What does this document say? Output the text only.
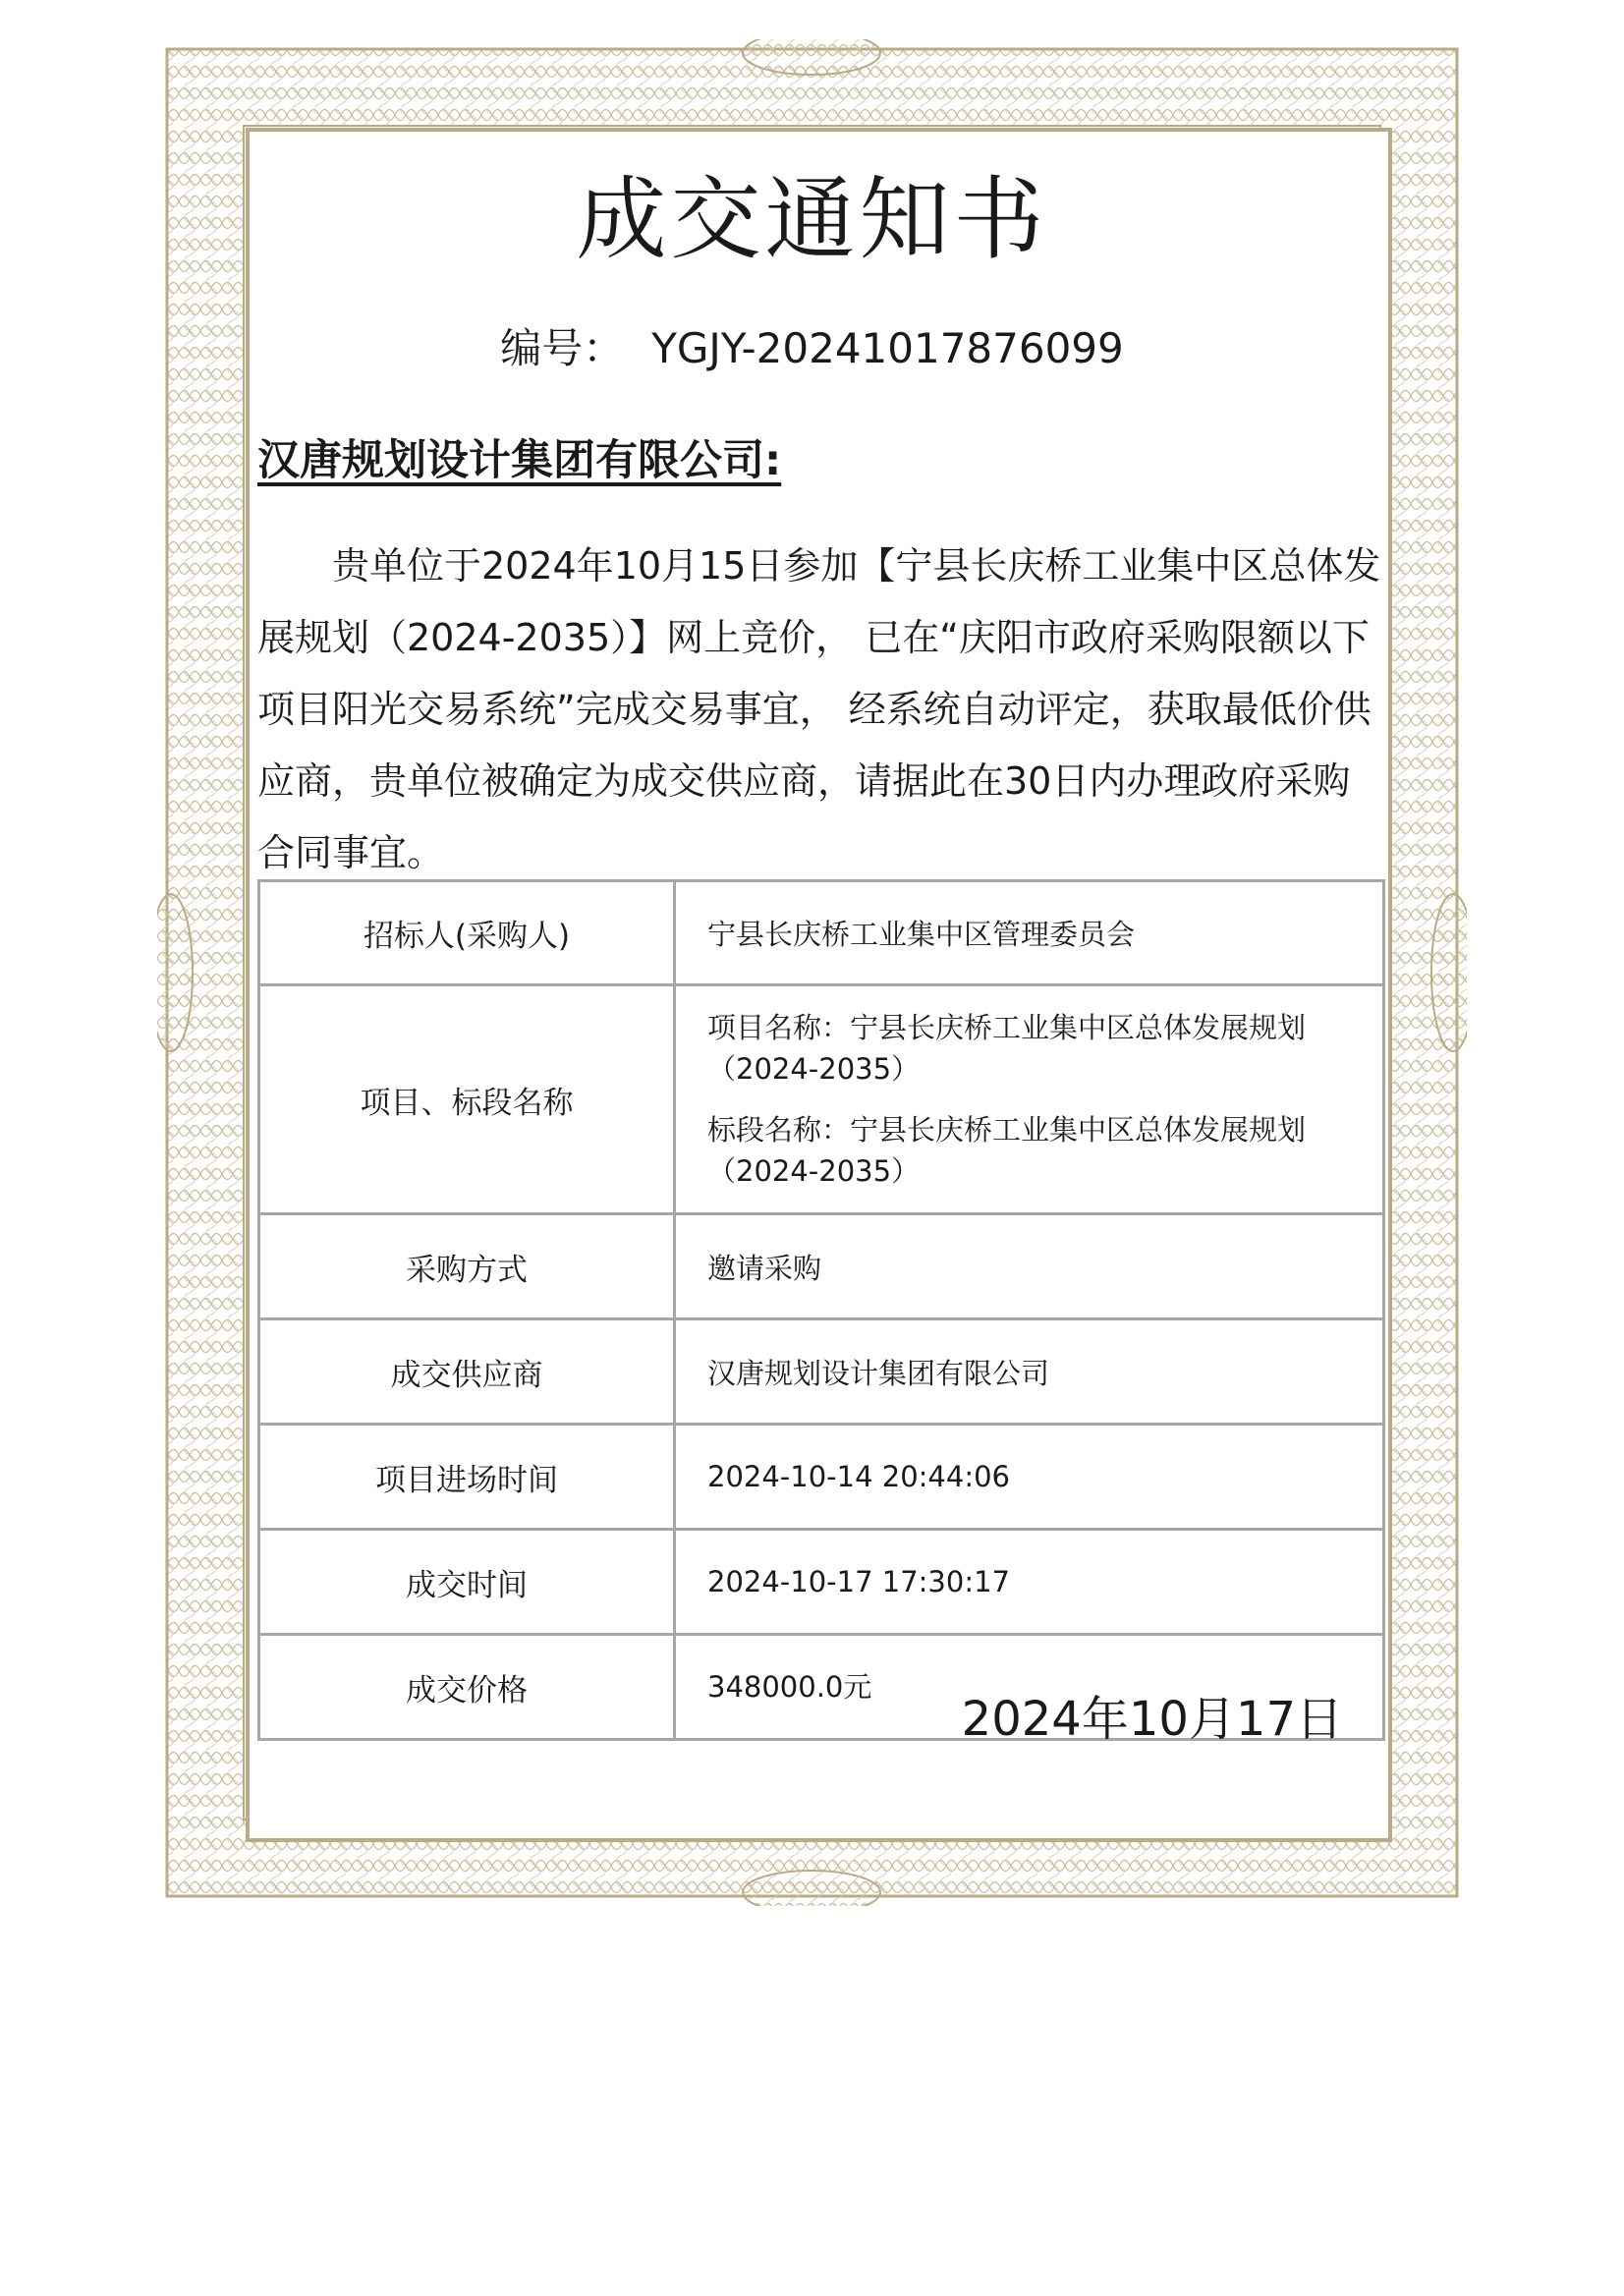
成交通知书
编号： YGJY-20241017876099
汉唐规划设计集团有限公司:
贵单位于2024年10月15日参加【宁县长庆桥工业集中区总体发展规划（2024-2035）】网上竞价， 已在“庆阳市政府采购限额以下项目阳光交易系统”完成交易事宜， 经系统自动评定，获取最低价供应商，贵单位被确定为成交供应商，请据此在30日内办理政府采购合同事宜。
招标人(采购人)	宁县长庆桥工业集中区管理委员会
项目、标段名称	项目名称：宁县长庆桥工业集中区总体发展规划（2024-2035）
标段名称：宁县长庆桥工业集中区总体发展规划（2024-2035）

采购方式	邀请采购
成交供应商	汉唐规划设计集团有限公司
项目进场时间	2024-10-14 20:44:06
成交时间	2024-10-17 17:30:17
成交价格	348000.0元
2024年10月17日
